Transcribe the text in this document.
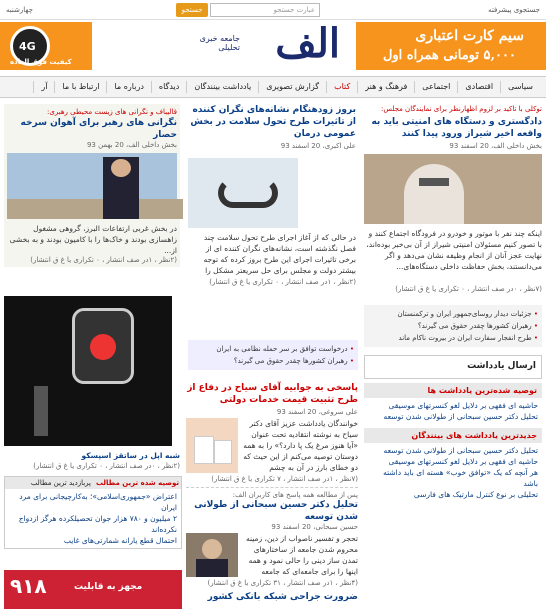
جستجوی پیشرفته
عبارت جستجو
جستجو
چهارشنبه
سیم کارت اعتباری
۵,۰۰۰ تومانی همراه اول
الف
جامعه خبری تحلیلی
4G
کیفیت فوق العاده
سیاسی
اقتصادی
اجتماعی
فرهنگ و هنر
کتاب
گزارش تصویری
یادداشت بینندگان
دیدگاه
درباره ما
ارتباط با ما
آر
توکلی با تاکید بر لزوم اظهارنظر برای نمایندگان مجلس:
دادگستری و دستگاه های امنیتی باید به واقعه اخیر شیراز ورود پیدا کنند
بخش داخلی الف، 20 اسفند 93
اینکه چند نفر با موتور و خودرو در فرودگاه اجتماع کنند و با تصور کنیم مسئولان امنیتی شیراز از آن بی‌خبر بوده‌اند، نهایت عجز آنان از انجام وظیفه نشان می‌دهد و اگر می‌دانستند، بخش حفاظت داخلی دستگاه‌های...
(۷نظر ، ۰در صف انتشار ، ۰ تکراری یا غ ق انتشار)
• جزئیات دیدار روسای‌جمهور ایران و ترکمنستان
• رهبران کشورها چقدر حقوق می گیرند؟
• طرح انفجار سفارت ایران در بیروت ناکام ماند
ارسال یادداشت
توصیه شده‌ترین یادداشت ها
حاشیه ای فقهی بر دلایل لغو کنسرتهای موسیقی
تحلیل دکتر حسین سبحانی از طولانی شدن توسعه
جدیدترین یادداشت های بینندگان
تحلیل دکتر حسین سبحانی از طولانی شدن توسعه
حاشیه ای فقهی بر دلایل لغو کنسرتهای موسیقی
هر آنچه که یک «توافق خوب» هسته ای باید داشته باشد
تحلیلی بر نوع کنترل مارتیک های فارسی
بروز زودهنگام نشانه‌های نگران کننده از تاثیرات طرح تحول سلامت در بخش عمومی درمان
علی اکبری، 20 اسفند 93
در حالی که از آغاز اجرای طرح تحول سلامت چند فصل نگذشته است، نشانه‌های نگران کننده ای از برخی تاثیرات اجرای این طرح بروز کرده که توجه بیشتر دولت و مجلس برای حل سریعتر مشکل را
(۲نظر ، ۱در صف انتشار ، ۰ تکراری یا غ ق انتشار)
• درخواست توافق بر سر حمله نظامی به ایران
• رهبران کشورها چقدر حقوق می گیرند؟
پاسخی به جوابیه آقای سیاح در دفاع از طرح تثبیت قیمت خدمات دولتی
علی سروغی، 20 اسفند 93
خوانندگان یادداشت عزیز آقای دکتر سیاح به نوشته انتقادیه تحت عنوان «آیا هنوز مرغ یک پا دارد؟» را به همه دوستان توصیه می‌کنم از این حیث که دو خطای بارز در آن به چشم
(۷نظر ، ۱در صف انتشار ، ۷ تکراری یا غ ق انتشار)
پس از مطالعه همه پاسخ های کاربران الف:
تحلیل دکتر حسین سبحانی از طولانی شدن توسعه
حسین سبحانی، 20 اسفند 93
تحجر و تفسیر ناصواب از دین، زمینه محروم شدن جامعه از ساختارهای تمدن ساز دینی را حالی نمود و همه اینها را برای جامعه‌ای که جامعه
(۴نظر ، ۱در صف انتشار ، ۳۱ تکراری یا غ ق انتشار)
ضرورت جراحی شبکه بانکی کشور
قالیباف و نگرانی های زیست محیطی رهبری:
نگرانی های رهبر برای آهوان سرخه حصار
بخش داخلی الف، 20 بهمن 93
در بخش غربی ارتفاعات البرز، گروهی مشغول زاهسازی بودند و خاک‌ها را با کامیون بودند و به بخشی از...
(۲نظر ، ۱در صف انتشار ، ۰ تکراری یا غ ق انتشار)
شبه اپل در ساتقز اسپسکو
(۲نظر ، ۰در صف انتشار ، ۰ تکراری یا غ ق انتشار)
توصیه شده ترین مطالب
پربازدید ترین مطالب
اعتراض «جمهوری‌اسلامی»؛ به‌کارچیجانی برای مرد ایران
۲ میلیون و ۷۸۰ هزار جوان تحصیلکرده هرگز ازدواج نکرده‌اند
احتمال قطع یارانه شمارتی‌های غایب
۹۱۸	مجهز به قابلیت
